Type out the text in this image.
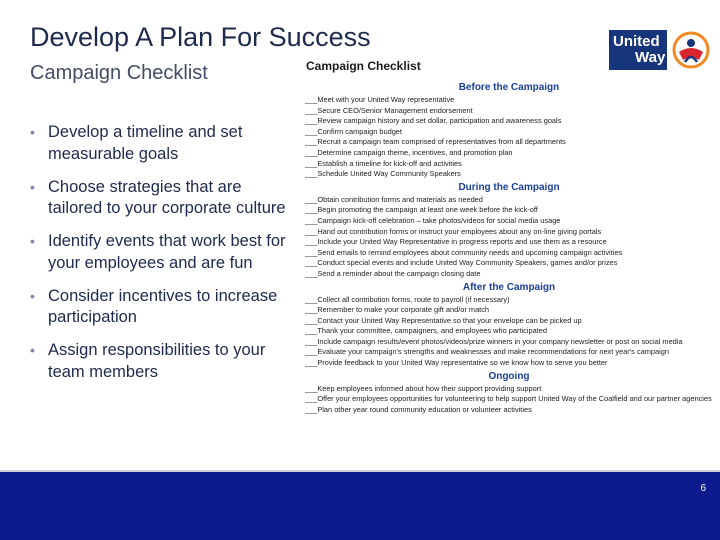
Develop A Plan For Success
Campaign Checklist
United
Way
• Develop a timeline and set measurable goals
• Choose strategies that are tailored to your corporate culture
• Identify events that work best for your employees and are fun
• Consider incentives to increase participation
• Assign responsibilities to your team members
Campaign Checklist
Before the Campaign
___ Meet with your United Way representative
___ Secure CEO/Senior Management endorsement
___ Review campaign history and set dollar, participation and awareness goals
___ Confirm campaign budget
___ Recruit a campaign team comprised of representatives from all departments
___ Determine campaign theme, incentives, and promotion plan
___ Establish a timeline for kick-off and activities
___ Schedule United Way Community Speakers
During the Campaign
___ Obtain contribution forms and materials as needed
___ Begin promoting the campaign at least one week before the kick-off
___ Campaign kick-off celebration – take photos/videos for social media usage
___ Hand out contribution forms or instruct your employees about any on-line giving portals
___ Include your United Way Representative in progress reports and use them as a resource
___ Send emails to remind employees about community needs and upcoming campaign activities
___ Conduct special events and include United Way Community Speakers, games and/or prizes
___ Send a reminder about the campaign closing date
After the Campaign
___ Collect all contribution forms, route to payroll (if necessary)
___ Remember to make your corporate gift and/or match
___ Contact your United Way Representative so that your envelope can be picked up
___ Thank your committee, campaigners, and employees who participated
___ Include campaign results/event photos/videos/prize winners in your company newsletter or post on social media
___ Evaluate your campaign's strengths and weaknesses and make recommendations for next year's campaign
___ Provide feedback to your United Way representative so we know how to serve you better
Ongoing
___ Keep employees informed about how their support providing support
___ Offer your employees opportunities for volunteering to help support United Way of the Coalfield and our partner agencies
___ Plan other year round community education or volunteer activities
6
